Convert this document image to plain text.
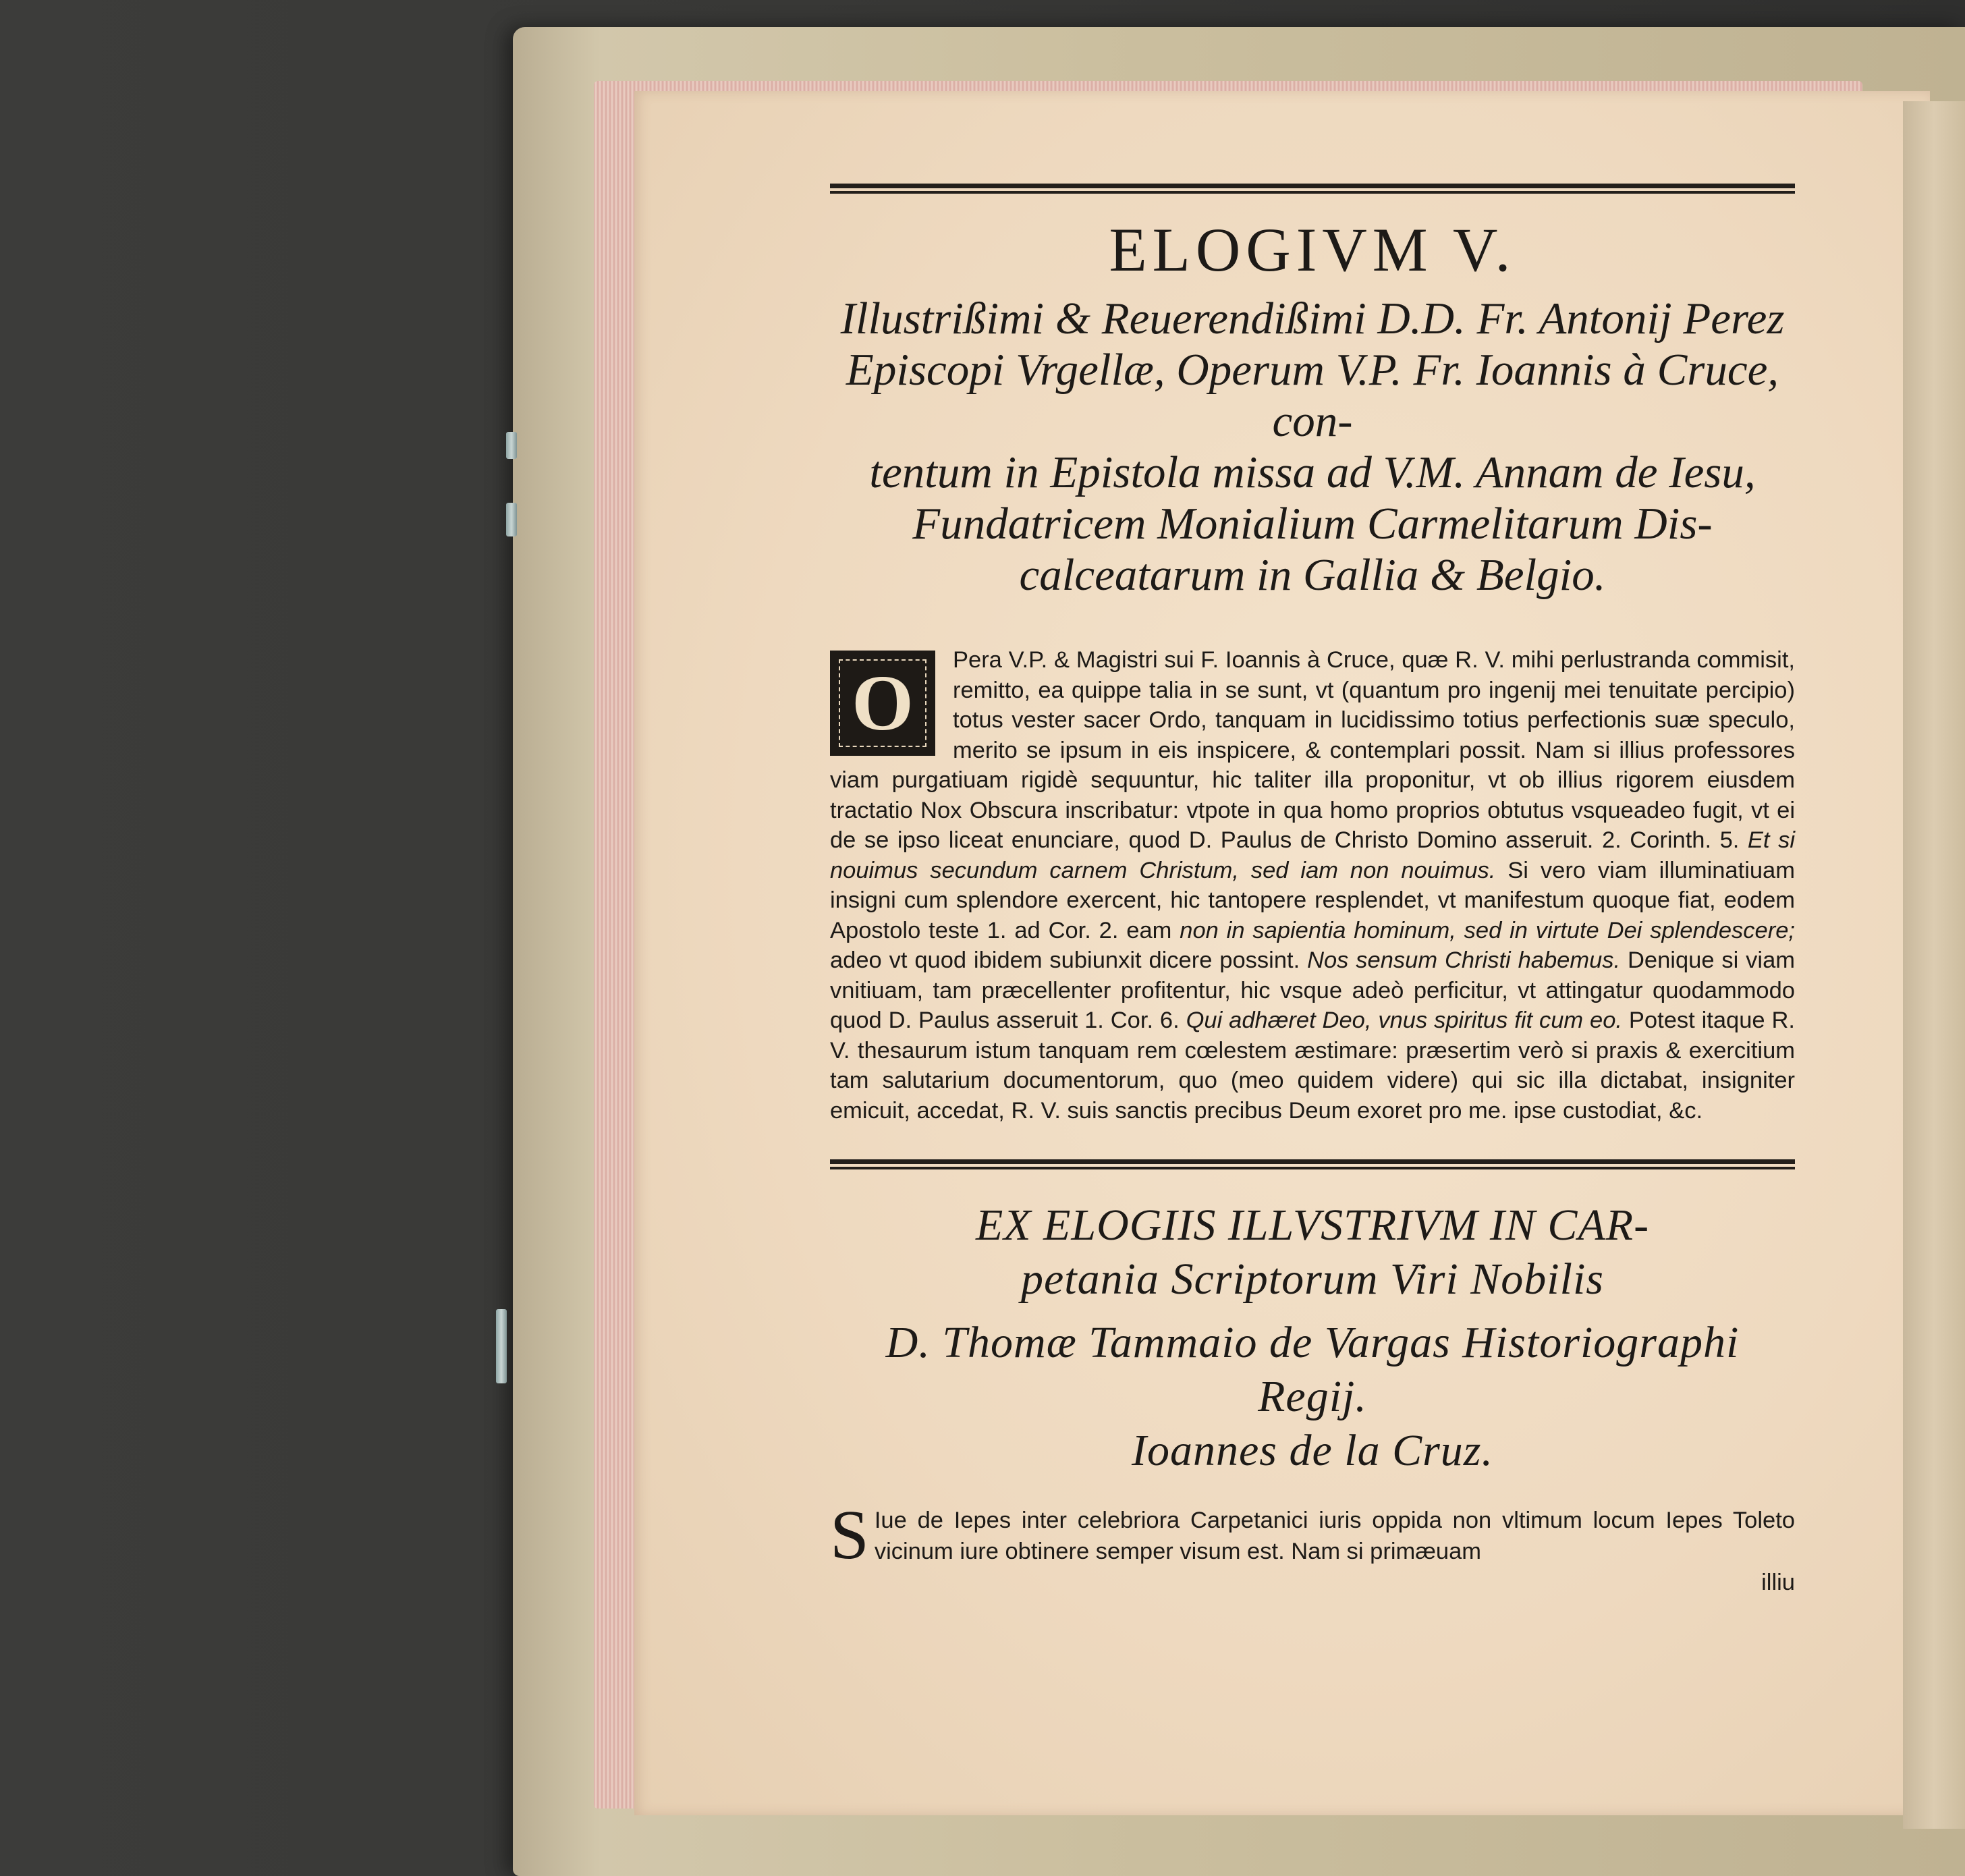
ELOGIVM V.

Illustrißimi & Reuerendißimi D.D. Fr. Antonij Perez

Episcopi Vrgellæ, Operum V.P. Fr. Ioannis à Cruce, con-

tentum in Epistola missa ad V.M. Annam de Iesu,

Fundatricem Monialium Carmelitarum Dis-

calceatarum in Gallia & Belgio.

O	Pera V.P. & Magistri sui F. Ioannis à Cruce, quæ R. V. mihi perlustranda commisit, remitto, ea quippe talia in se sunt, vt (quantum pro ingenij mei tenuitate percipio) totus vester sacer Ordo, tanquam in lucidissimo totius perfectionis suæ speculo, merito se ipsum in eis inspicere, & contemplari possit. Nam si illius professores viam purgatiuam rigidè sequuntur, hic taliter illa proponitur, vt ob illius rigorem eiusdem tractatio Nox Obscura inscribatur: vtpote in qua homo proprios obtutus vsqueadeo fugit, vt ei de se ipso liceat enunciare, quod D. Paulus de Christo Domino asseruit. 2. Corinth. 5. Et si nouimus secundum carnem Christum, sed iam non nouimus. Si vero viam illuminatiuam insigni cum splendore exercent, hic tantopere resplendet, vt manifestum quoque fiat, eodem Apostolo teste 1. ad Cor. 2. eam non in sapientia hominum, sed in virtute Dei splendescere; adeo vt quod ibidem subiunxit dicere possint. Nos sensum Christi habemus. Denique si viam vnitiuam, tam præcellenter profitentur, hic vsque adeò perficitur, vt attingatur quodammodo quod D. Paulus asseruit 1. Cor. 6. Qui adhæret Deo, vnus spiritus fit cum eo. Potest itaque R. V. thesaurum istum tanquam rem cœlestem æstimare: præsertim verò si praxis & exercitium tam salutarium documentorum, quo (meo quidem videre) qui sic illa dictabat, insigniter emicuit, accedat, R. V. suis sanctis precibus Deum exoret pro me. ipse custodiat, &c.

EX ELOGIIS ILLVSTRIVM IN CAR-

petania Scriptorum Viri Nobilis

D. Thomæ Tammaio de Vargas Historiographi Regij.

Ioannes de la Cruz.

S Iue de Iepes inter celebriora Carpetanici iuris oppida non vltimum locum Iepes Toleto vicinum iure obtinere semper visum est. Nam si primæuam

illiu
